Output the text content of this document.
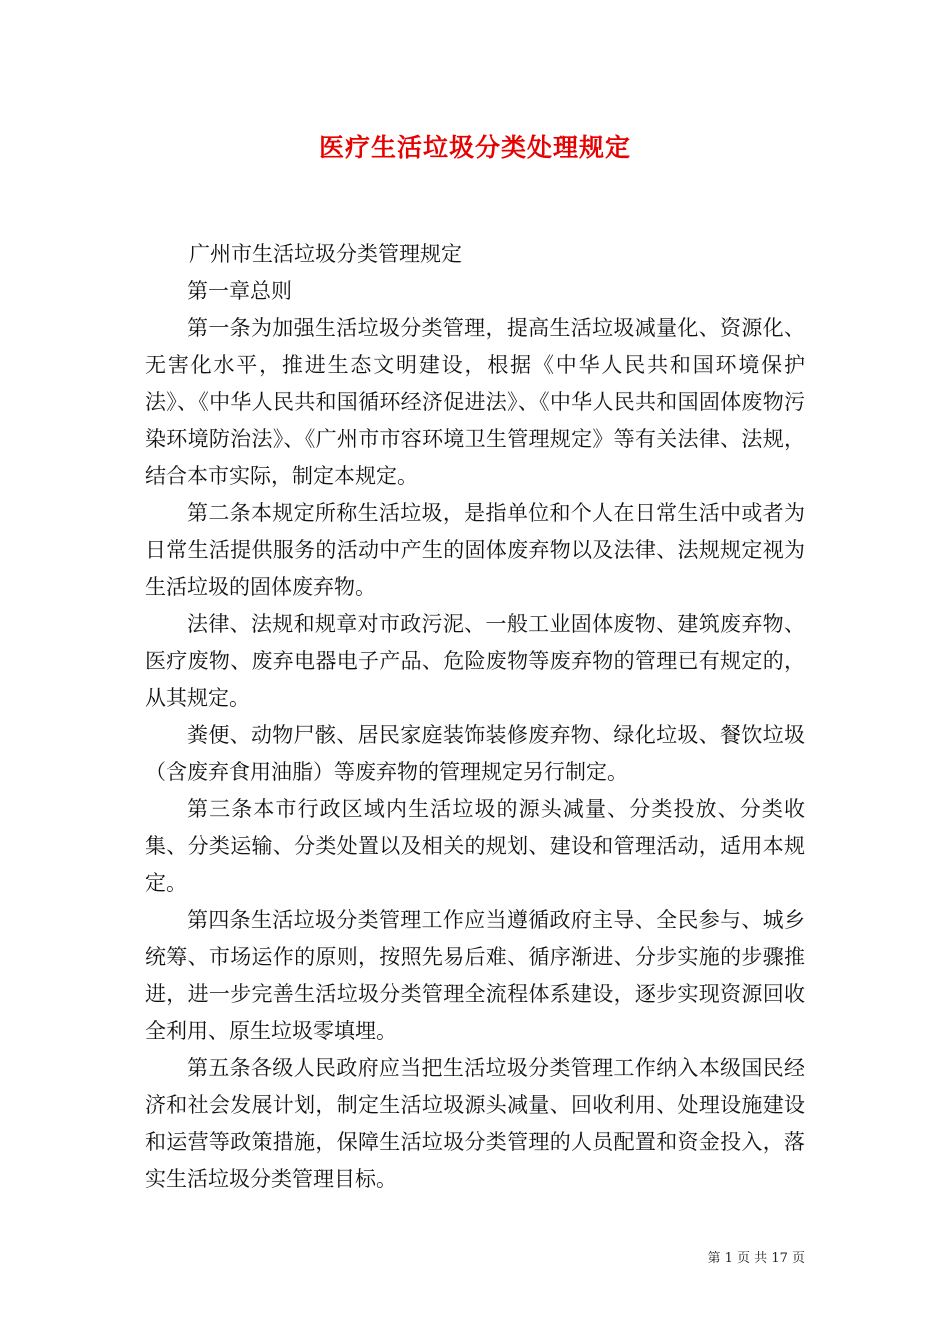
医疗生活垃圾分类处理规定

广州市生活垃圾分类管理规定

第一章总则

第一条为加强生活垃圾分类管理，提高生活垃圾减量化、资源化、无害化水平，推进生态文明建设，根据《中华人民共和国环境保护法》、《中华人民共和国循环经济促进法》、《中华人民共和国固体废物污染环境防治法》、《广州市市容环境卫生管理规定》等有关法律、法规，结合本市实际，制定本规定。

第二条本规定所称生活垃圾，是指单位和个人在日常生活中或者为日常生活提供服务的活动中产生的固体废弃物以及法律、法规规定视为生活垃圾的固体废弃物。

法律、法规和规章对市政污泥、一般工业固体废物、建筑废弃物、医疗废物、废弃电器电子产品、危险废物等废弃物的管理已有规定的，从其规定。

粪便、动物尸骸、居民家庭装饰装修废弃物、绿化垃圾、餐饮垃圾（含废弃食用油脂）等废弃物的管理规定另行制定。

第三条本市行政区域内生活垃圾的源头减量、分类投放、分类收集、分类运输、分类处置以及相关的规划、建设和管理活动，适用本规定。

第四条生活垃圾分类管理工作应当遵循政府主导、全民参与、城乡统筹、市场运作的原则，按照先易后难、循序渐进、分步实施的步骤推进，进一步完善生活垃圾分类管理全流程体系建设，逐步实现资源回收全利用、原生垃圾零填埋。

第五条各级人民政府应当把生活垃圾分类管理工作纳入本级国民经济和社会发展计划，制定生活垃圾源头减量、回收利用、处理设施建设和运营等政策措施，保障生活垃圾分类管理的人员配置和资金投入，落实生活垃圾分类管理目标。

第 1 页 共 17 页
